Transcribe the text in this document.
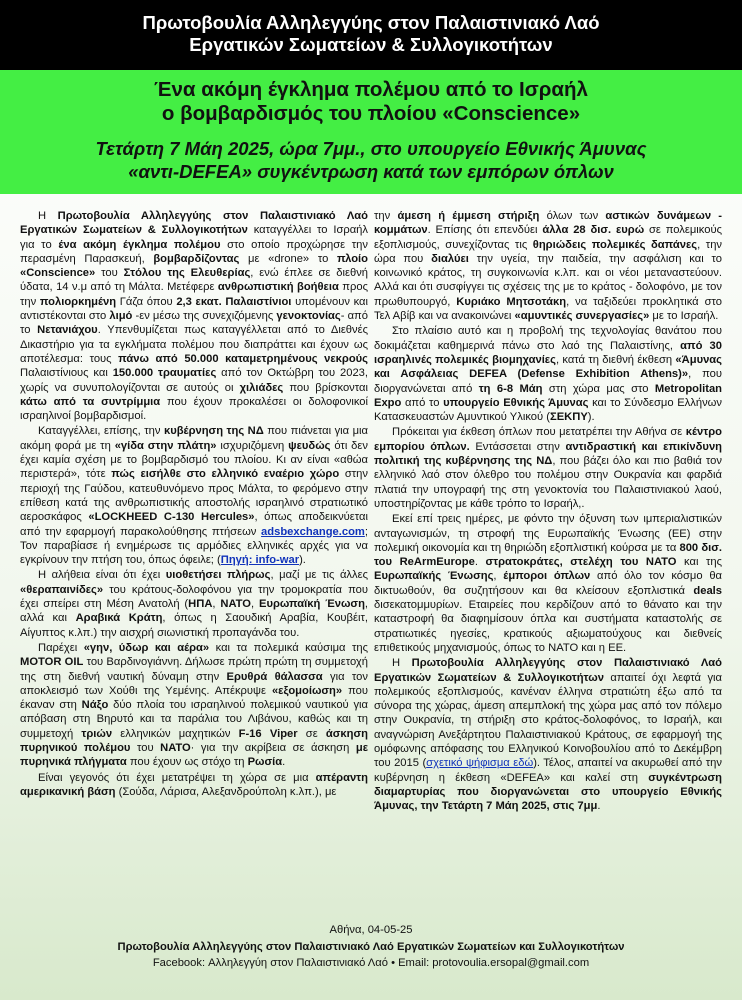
Πρωτοβουλία Αλληλεγγύης στον Παλαιστινιακό Λαό
Εργατικών Σωματείων & Συλλογικοτήτων
Ένα ακόμη έγκλημα πολέμου από το Ισραήλ
ο βομβαρδισμός του πλοίου «Conscience»
Τετάρτη 7 Μάη 2025, ώρα 7μμ., στο υπουργείο Εθνικής Άμυνας
«αντι-DEFEA» συγκέντρωση κατά των εμπόρων όπλων

Η Πρωτοβουλία Αλληλεγγύης στον Παλαιστινιακό Λαό Εργατικών Σωματείων & Συλλογικοτήτων καταγγέλλει το Ισραήλ για το ένα ακόμη έγκλημα πολέμου στο οποίο προχώρησε την περασμένη Παρασκευή, βομβαρδίζοντας με «drone» το πλοίο «Conscience» του Στόλου της Ελευθερίας, ενώ έπλεε σε διεθνή ύδατα, 14 ν.μ από τη Μάλτα. Μετέφερε ανθρωπιστική βοήθεια προς την πολιορκημένη Γάζα όπου 2,3 εκατ. Παλαιστίνιοι υπομένουν και αντιστέκονται στο λιμό -εν μέσω της συνεχιζόμενης γενοκτονίας- από το Νετανιάχου. Υπενθυμίζεται πως καταγγέλλεται από το Διεθνές Δικαστήριο για τα εγκλήματα πολέμου που διαπράττει και έχουν ως αποτέλεσμα: τους πάνω από 50.000 καταμετρημένους νεκρούς Παλαιστίνιους και 150.000 τραυματίες από τον Οκτώβρη του 2023, χωρίς να συνυπολογίζονται σε αυτούς οι χιλιάδες που βρίσκονται κάτω από τα συντρίμμια που έχουν προκαλέσει οι δολοφονικοί ισραηλινοί βομβαρδισμοί.

Καταγγέλλει, επίσης, την κυβέρνηση της ΝΔ που πιάνεται για μια ακόμη φορά με τη «γίδα στην πλάτη» ισχυριζόμενη ψευδώς ότι δεν έχει καμία σχέση με το βομβαρδισμό του πλοίου. Κι αν είναι «αθώα περιστερά», τότε πώς εισήλθε στο ελληνικό εναέριο χώρο στην περιοχή της Γαύδου, κατευθυνόμενο προς Μάλτα, το φερόμενο στην επίθεση κατά της ανθρωπιστικής αποστολής ισραηλινό στρατιωτικό αεροσκάφος «LOCKHEED C-130 Hercules», όπως αποδεικνύεται από την εφαρμογή παρακολούθησης πτήσεων adsbexchange.com; Τον παραβίασε ή ενημέρωσε τις αρμόδιες ελληνικές αρχές για να εγκρίνουν την πτήση του, όπως όφειλε; (Πηγή: info-war).

Η αλήθεια είναι ότι έχει υιοθετήσει πλήρως, μαζί με τις άλλες «θεραπαινίδες» του κράτους-δολοφόνου για την τρομοκρατία που έχει σπείρει στη Μέση Ανατολή (ΗΠΑ, ΝΑΤΟ, Ευρωπαϊκή Ένωση, αλλά και Αραβικά Κράτη, όπως η Σαουδική Αραβία, Κουβέιτ, Αίγυπτος κ.λπ.) την αισχρή σιωνιστική προπαγάνδα του.

Παρέχει «γην, ύδωρ και αέρα» και τα πολεμικά καύσιμα της MOTOR OIL του Βαρδινογιάννη. Δήλωσε πρώτη πρώτη τη συμμετοχή της στη διεθνή ναυτική δύναμη στην Ερυθρά θάλασσα για τον αποκλεισμό των Χούθι της Υεμένης. Απέκρυψε «εξομοίωση» που έκαναν στη Νάξο δύο πλοία του ισραηλινού πολεμικού ναυτικού για απόβαση στη Βηρυτό και τα παράλια του Λιβάνου, καθώς και τη συμμετοχή τριών ελληνικών μαχητικών F-16 Viper σε άσκηση πυρηνικού πολέμου του ΝΑΤΟ· για την ακρίβεια σε άσκηση με πυρηνικά πλήγματα που έχουν ως στόχο τη Ρωσία.

Είναι γεγονός ότι έχει μετατρέψει τη χώρα σε μια απέραντη αμερικανική βάση (Σούδα, Λάρισα, Αλεξανδρούπολη κ.λπ.), με

την άμεση ή έμμεση στήριξη όλων των αστικών δυνάμεων - κομμάτων. Επίσης ότι επενδύει άλλα 28 δισ. ευρώ σε πολεμικούς εξοπλισμούς, συνεχίζοντας τις θηριώδεις πολεμικές δαπάνες, την ώρα που διαλύει την υγεία, την παιδεία, την ασφάλιση και το κοινωνικό κράτος, τη συγκοινωνία κ.λπ. και οι νέοι μεταναστεύουν. Αλλά και ότι συσφίγγει τις σχέσεις της με το κράτος - δολοφόνο, με τον πρωθυπουργό, Κυριάκο Μητσοτάκη, να ταξιδεύει προκλητικά στο Τελ Αβίβ και να ανακοινώνει «αμυντικές συνεργασίες» με το Ισραήλ.

Στο πλαίσιο αυτό και η προβολή της τεχνολογίας θανάτου που δοκιμάζεται καθημερινά πάνω στο λαό της Παλαιστίνης, από 30 ισραηλινές πολεμικές βιομηχανίες, κατά τη διεθνή έκθεση «Άμυνας και Ασφάλειας DEFEA (Defense Exhibition Athens)», που διοργανώνεται από τη 6-8 Μάη στη χώρα μας στο Metropolitan Expo από το υπουργείο Εθνικής Άμυνας και το Σύνδεσμο Ελλήνων Κατασκευαστών Αμυντικού Υλικού (ΣΕΚΠΥ).

Πρόκειται για έκθεση όπλων που μετατρέπει την Αθήνα σε κέντρο εμπορίου όπλων. Εντάσσεται στην αντιδραστική και επικίνδυνη πολιτική της κυβέρνησης της ΝΔ, που βάζει όλο και πιο βαθιά τον ελληνικό λαό στον όλεθρο του πολέμου στην Ουκρανία και φαρδιά πλατιά την υπογραφή της στη γενοκτονία του Παλαιστινιακού λαού, υποστηρίζοντας με κάθε τρόπο το Ισραήλ,.

Εκεί επί τρεις ημέρες, με φόντο την όξυνση των ιμπεριαλιστικών ανταγωνισμών, τη στροφή της Ευρωπαϊκής Ένωσης (ΕΕ) στην πολεμική οικονομία και τη θηριώδη εξοπλιστική κούρσα με τα 800 δισ. του ReArmEurope. στρατοκράτες, στελέχη του ΝΑΤΟ και της Ευρωπαϊκής Ένωσης, έμποροι όπλων από όλο τον κόσμο θα δικτυωθούν, θα συζητήσουν και θα κλείσουν εξοπλιστικά deals δισεκατομμυρίων. Εταιρείες που κερδίζουν από το θάνατο και την καταστροφή θα διαφημίσουν όπλα και συστήματα καταστολής σε στρατιωτικές ηγεσίες, κρατικούς αξιωματούχους και διεθνείς επιθετικούς μηχανισμούς, όπως το NATO και η ΕΕ.

Η Πρωτοβουλία Αλληλεγγύης στον Παλαιστινιακό Λαό Εργατικών Σωματείων & Συλλογικοτήτων απαιτεί όχι λεφτά για πολεμικούς εξοπλισμούς, κανέναν έλληνα στρατιώτη έξω από τα σύνορα της χώρας, άμεση απεμπλοκή της χώρα μας από τον πόλεμο στην Ουκρανία, τη στήριξη στο κράτος-δολοφόνος, το Ισραήλ, και αναγνώριση Ανεξάρτητου Παλαιστινιακού Κράτους, σε εφαρμογή της ομόφωνης απόφασης του Ελληνικού Κοινοβουλίου από το Δεκέμβρη του 2015 (σχετικό ψήφισμα εδώ). Τέλος, απαιτεί να ακυρωθεί από την κυβέρνηση η έκθεση «DEFEA» και καλεί στη συγκέντρωση διαμαρτυρίας που διοργανώνεται στο υπουργείο Εθνικής Άμυνας, την Τετάρτη 7 Μάη 2025, στις 7μμ.

Αθήνα, 04-05-25
Πρωτοβουλία Αλληλεγγύης στον Παλαιστινιακό Λαό Εργατικών Σωματείων και Συλλογικοτήτων
Facebook: Αλληλεγγύη στον Παλαιστινιακό Λαό • Email: protovoulia.ersopal@gmail.com
